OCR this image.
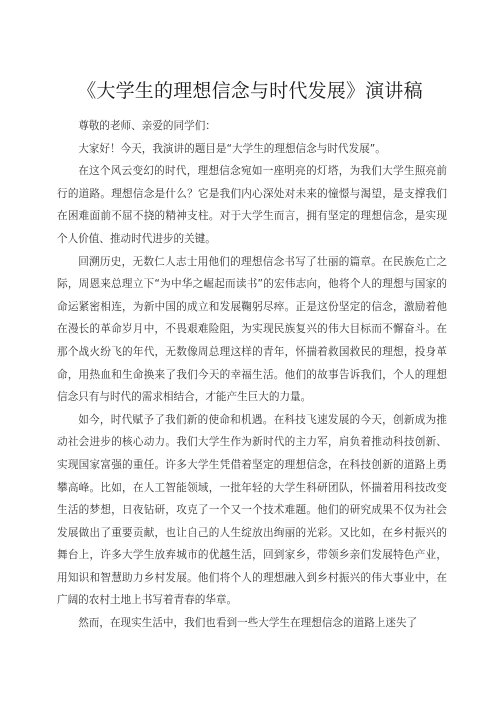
《大学生的理想信念与时代发展》演讲稿

尊敬的老师、亲爱的同学们：

大家好！今天，我演讲的题目是“大学生的理想信念与时代发展”。

在这个风云变幻的时代，理想信念宛如一座明亮的灯塔，为我们大学生照亮前行的道路。理想信念是什么？它是我们内心深处对未来的憧憬与渴望，是支撑我们在困难面前不屈不挠的精神支柱。对于大学生而言，拥有坚定的理想信念，是实现个人价值、推动时代进步的关键。

回溯历史，无数仁人志士用他们的理想信念书写了壮丽的篇章。在民族危亡之际，周恩来总理立下“为中华之崛起而读书”的宏伟志向，他将个人的理想与国家的命运紧密相连，为新中国的成立和发展鞠躬尽瘁。正是这份坚定的信念，激励着他在漫长的革命岁月中，不畏艰难险阻，为实现民族复兴的伟大目标而不懈奋斗。在那个战火纷飞的年代，无数像周总理这样的青年，怀揣着救国救民的理想，投身革命，用热血和生命换来了我们今天的幸福生活。他们的故事告诉我们，个人的理想信念只有与时代的需求相结合，才能产生巨大的力量。

如今，时代赋予了我们新的使命和机遇。在科技飞速发展的今天，创新成为推动社会进步的核心动力。我们大学生作为新时代的主力军，肩负着推动科技创新、实现国家富强的重任。许多大学生凭借着坚定的理想信念，在科技创新的道路上勇攀高峰。比如，在人工智能领域，一批年轻的大学生科研团队，怀揣着用科技改变生活的梦想，日夜钻研，攻克了一个又一个技术难题。他们的研究成果不仅为社会发展做出了重要贡献，也让自己的人生绽放出绚丽的光彩。又比如，在乡村振兴的舞台上，许多大学生放弃城市的优越生活，回到家乡，带领乡亲们发展特色产业，用知识和智慧助力乡村发展。他们将个人的理想融入到乡村振兴的伟大事业中，在广阔的农村土地上书写着青春的华章。

然而，在现实生活中，我们也看到一些大学生在理想信念的道路上迷失了
